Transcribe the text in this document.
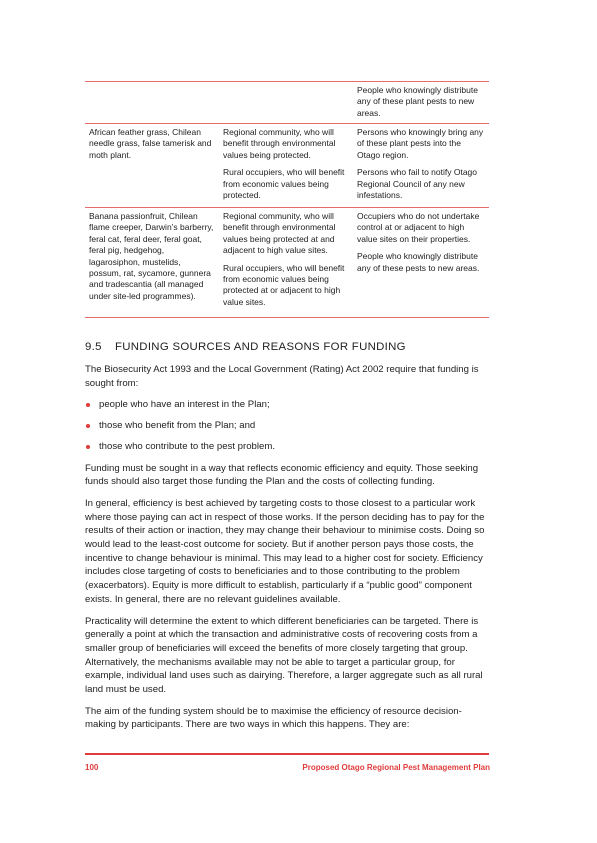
People who knowingly distribute any of these plant pests to new areas.

African feather grass, Chilean needle grass, false tamerisk and moth plant.

Regional community, who will benefit through environmental values being protected.

Rural occupiers, who will benefit from economic values being protected.

Persons who knowingly bring any of these plant pests into the Otago region.

Persons who fail to notify Otago Regional Council of any new infestations.

Banana passionfruit, Chilean flame creeper, Darwin’s barberry, feral cat, feral deer, feral goat, feral pig, hedgehog, lagarosiphon, mustelids, possum, rat, sycamore, gunnera and tradescantia (all managed under site-led programmes).

Regional community, who will benefit through environmental values being protected at and adjacent to high value sites.

Rural occupiers, who will benefit from economic values being protected at or adjacent to high value sites.

Occupiers who do not undertake control at or adjacent to high value sites on their properties.

People who knowingly distribute any of these pests to new areas.

9.5 FUNDING SOURCES AND REASONS FOR FUNDING

The Biosecurity Act 1993 and the Local Government (Rating) Act 2002 require that funding is sought from:

people who have an interest in the Plan;
those who benefit from the Plan; and
those who contribute to the pest problem.

Funding must be sought in a way that reflects economic efficiency and equity. Those seeking funds should also target those funding the Plan and the costs of collecting funding.

In general, efficiency is best achieved by targeting costs to those closest to a particular work where those paying can act in respect of those works. If the person deciding has to pay for the results of their action or inaction, they may change their behaviour to minimise costs. Doing so would lead to the least-cost outcome for society. But if another person pays those costs, the incentive to change behaviour is minimal. This may lead to a higher cost for society. Efficiency includes close targeting of costs to beneficiaries and to those contributing to the problem (exacerbators). Equity is more difficult to establish, particularly if a “public good” component exists. In general, there are no relevant guidelines available.

Practicality will determine the extent to which different beneficiaries can be targeted. There is generally a point at which the transaction and administrative costs of recovering costs from a smaller group of beneficiaries will exceed the benefits of more closely targeting that group. Alternatively, the mechanisms available may not be able to target a particular group, for example, individual land uses such as dairying. Therefore, a larger aggregate such as all rural land must be used.

The aim of the funding system should be to maximise the efficiency of resource decision-making by participants. There are two ways in which this happens. They are:

100	Proposed Otago Regional Pest Management Plan
